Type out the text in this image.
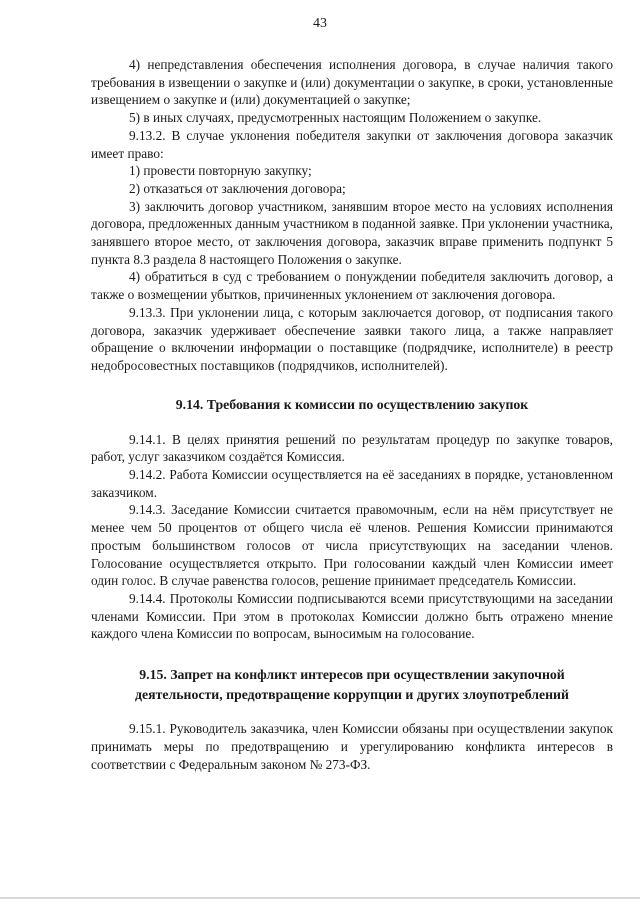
43

4) непредставления обеспечения исполнения договора, в случае наличия такого требования в извещении о закупке и (или) документации о закупке, в сроки, установленные извещением о закупке и (или) документацией о закупке;

5) в иных случаях, предусмотренных настоящим Положением о закупке.

9.13.2. В случае уклонения победителя закупки от заключения договора заказчик имеет право:

1) провести повторную закупку;

2) отказаться от заключения договора;

3) заключить договор участником, занявшим второе место на условиях исполнения договора, предложенных данным участником в поданной заявке. При уклонении участника, занявшего второе место, от заключения договора, заказчик вправе применить подпункт 5 пункта 8.3 раздела 8 настоящего Положения о закупке.

4) обратиться в суд с требованием о понуждении победителя заключить договор, а также о возмещении убытков, причиненных уклонением от заключения договора.

9.13.3. При уклонении лица, с которым заключается договор, от подписания такого договора, заказчик удерживает обеспечение заявки такого лица, а также направляет обращение о включении информации о поставщике (подрядчике, исполнителе) в реестр недобросовестных поставщиков (подрядчиков, исполнителей).

9.14. Требования к комиссии по осуществлению закупок

9.14.1. В целях принятия решений по результатам процедур по закупке товаров, работ, услуг заказчиком создаётся Комиссия.

9.14.2. Работа Комиссии осуществляется на её заседаниях в порядке, установленном заказчиком.

9.14.3. Заседание Комиссии считается правомочным, если на нём присутствует не менее чем 50 процентов от общего числа её членов. Решения Комиссии принимаются простым большинством голосов от числа присутствующих на заседании членов. Голосование осуществляется открыто. При голосовании каждый член Комиссии имеет один голос. В случае равенства голосов, решение принимает председатель Комиссии.

9.14.4. Протоколы Комиссии подписываются всеми присутствующими на заседании членами Комиссии. При этом в протоколах Комиссии должно быть отражено мнение каждого члена Комиссии по вопросам, выносимым на голосование.

9.15. Запрет на конфликт интересов при осуществлении закупочной
деятельности, предотвращение коррупции и других злоупотреблений

9.15.1. Руководитель заказчика, член Комиссии обязаны при осуществлении закупок принимать меры по предотвращению и урегулированию конфликта интересов в соответствии с Федеральным законом № 273-ФЗ.
